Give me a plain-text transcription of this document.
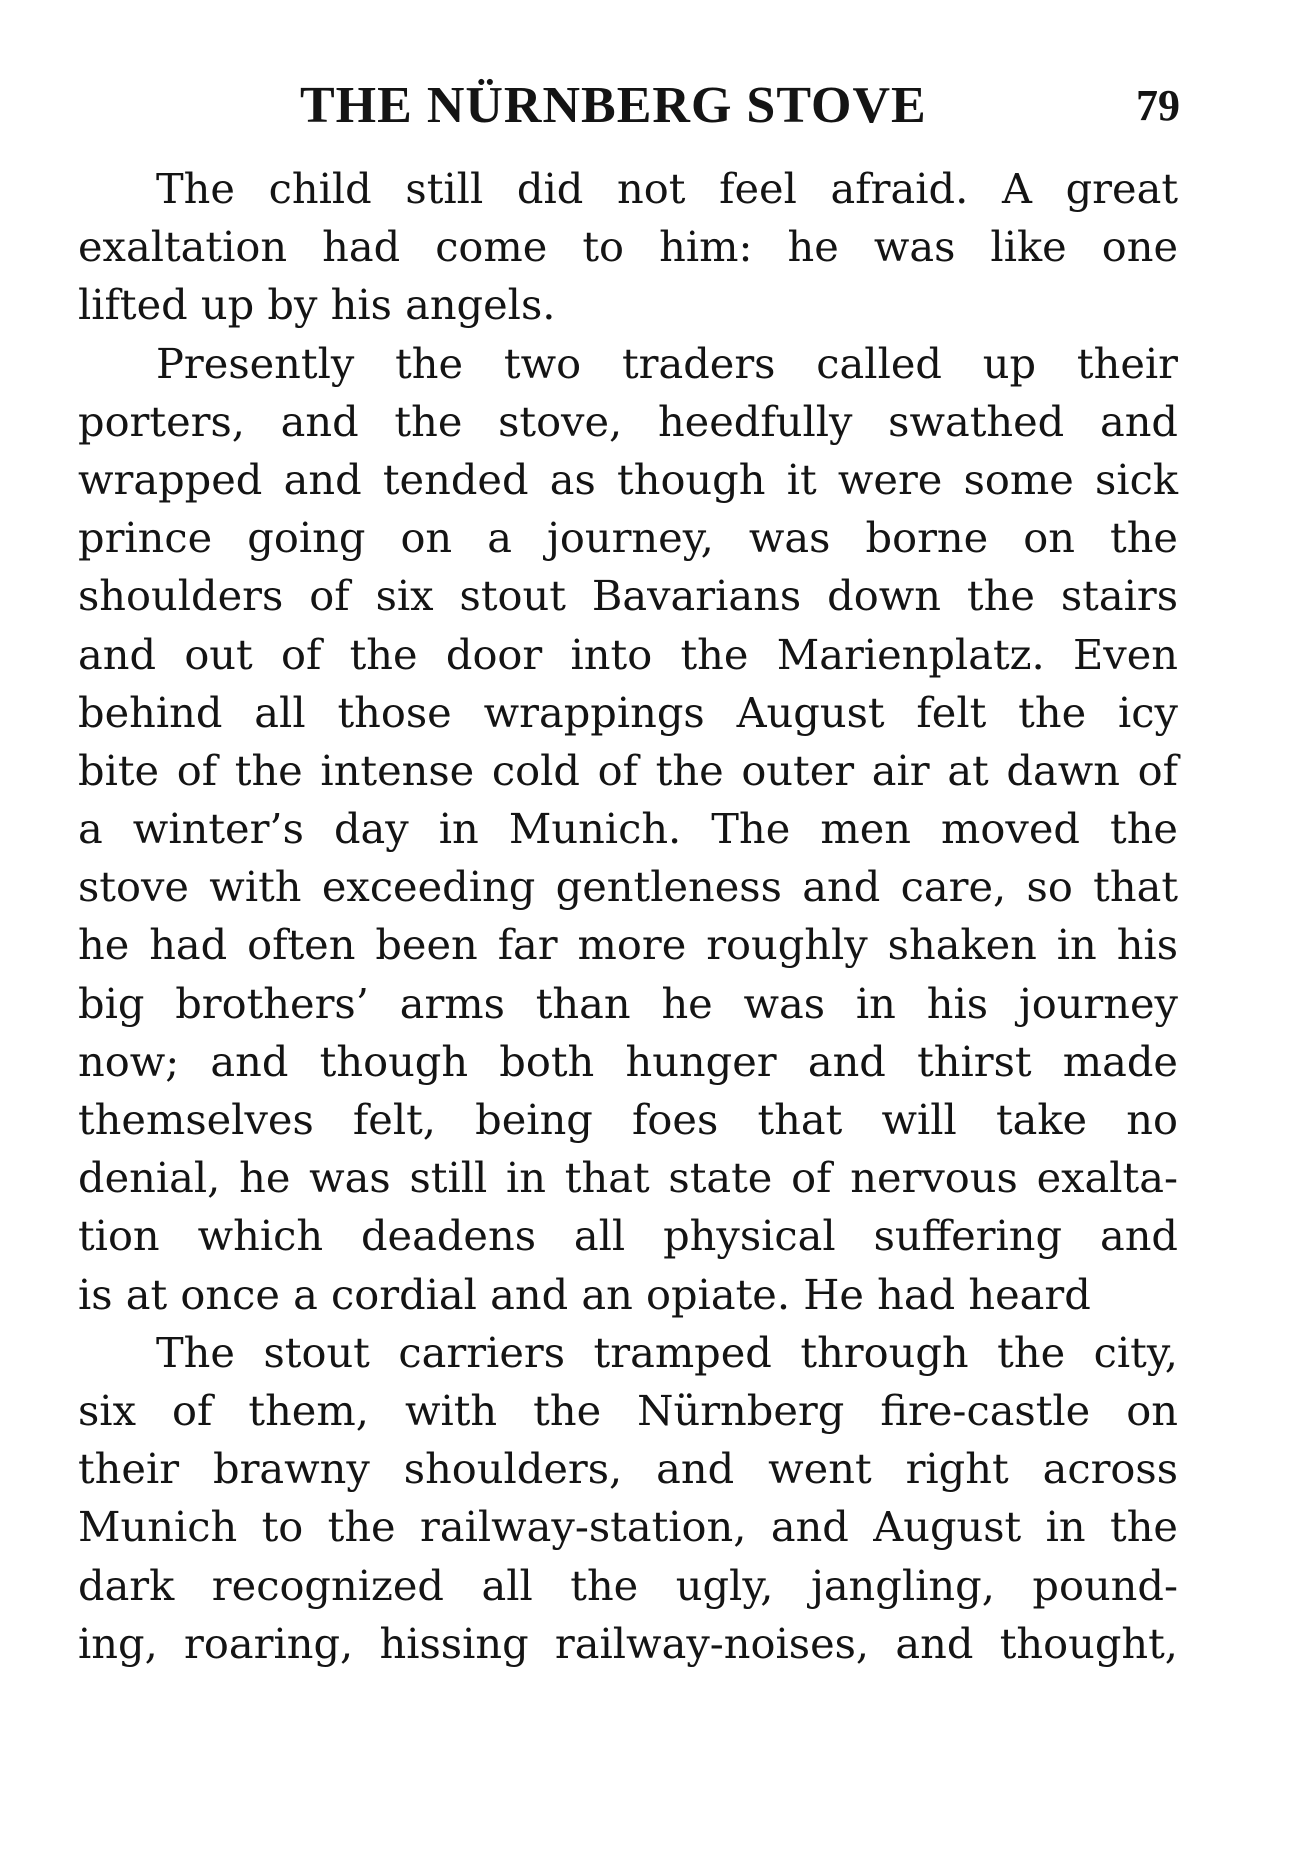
THE NÜRNBERG STOVE	79
The child still did not feel afraid. A great
exaltation had come to him: he was like one
lifted up by his angels.
Presently the two traders called up their
porters, and the stove, heedfully swathed and
wrapped and tended as though it were some sick
prince going on a journey, was borne on the
shoulders of six stout Bavarians down the stairs
and out of the door into the Marienplatz. Even
behind all those wrappings August felt the icy
bite of the intense cold of the outer air at dawn of
a winter’s day in Munich. The men moved the
stove with exceeding gentleness and care, so that
he had often been far more roughly shaken in his
big brothers’ arms than he was in his journey
now; and though both hunger and thirst made
themselves felt, being foes that will take no
denial, he was still in that state of nervous exalta-
tion which deadens all physical suffering and
is at once a cordial and an opiate. He had heard
The stout carriers tramped through the city,
six of them, with the Nürnberg fire-castle on
their brawny shoulders, and went right across
Munich to the railway-station, and August in the
dark recognized all the ugly, jangling, pound-
ing, roaring, hissing railway-noises, and thought,
